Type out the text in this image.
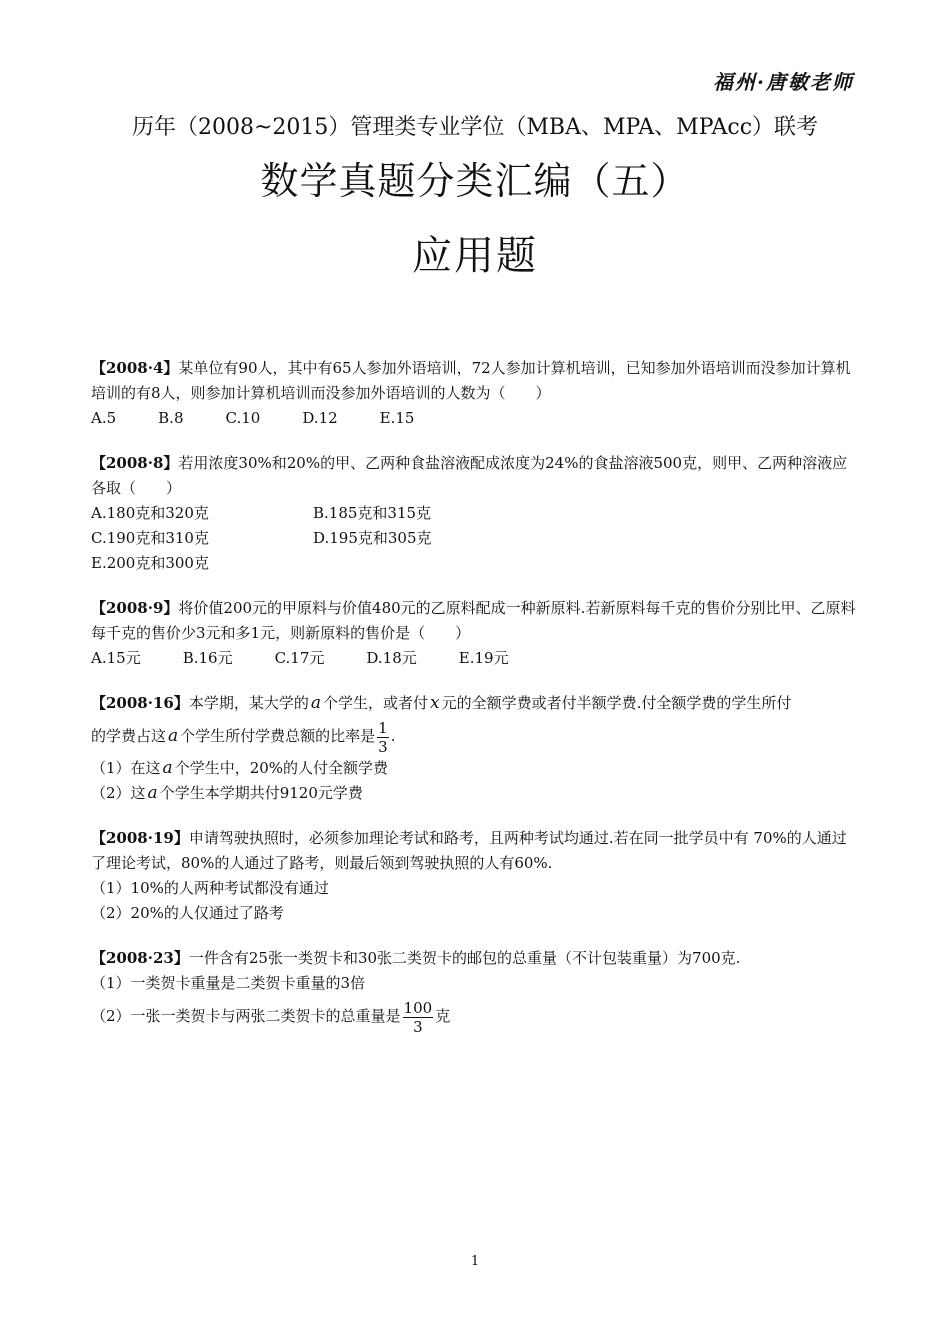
福州·唐敏老师
历年（2008~2015）管理类专业学位（MBA、MPA、MPAcc）联考
数学真题分类汇编（五）
应用题

【2008·4】某单位有90人，其中有65人参加外语培训，72人参加计算机培训，已知参加外语培训而没参加计算机培训的有8人，则参加计算机培训而没参加外语培训的人数为（　　）

A.5	B.8	C.10	D.12	E.15

【2008·8】若用浓度30%和20%的甲、乙两种食盐溶液配成浓度为24%的食盐溶液500克，则甲、乙两种溶液应各取（　　）

A.180克和320克	B.185克和315克
C.190克和310克	D.195克和305克
E.200克和300克

【2008·9】将价值200元的甲原料与价值480元的乙原料配成一种新原料.若新原料每千克的售价分别比甲、乙原料每千克的售价少3元和多1元，则新原料的售价是（　　）

A.15元	B.16元	C.17元	D.18元	E.19元

【2008·16】本学期，某大学的 a 个学生，或者付 x 元的全额学费或者付半额学费.付全额学费的学生所付

的学费占这 a 个学生所付学费总额的比率是 $\frac{1}{3}$ .

（1）在这 a 个学生中，20%的人付全额学费

（2）这 a 个学生本学期共付9120元学费

【2008·19】申请驾驶执照时，必须参加理论考试和路考，且两种考试均通过.若在同一批学员中有 70%的人通过了理论考试，80%的人通过了路考，则最后领到驾驶执照的人有60%.

（1）10%的人两种考试都没有通过

（2）20%的人仅通过了路考

【2008·23】一件含有25张一类贺卡和30张二类贺卡的邮包的总重量（不计包装重量）为700克.

（1）一类贺卡重量是二类贺卡重量的3倍

（2）一张一类贺卡与两张二类贺卡的总重量是 $\frac{100}{3}$ 克

1
